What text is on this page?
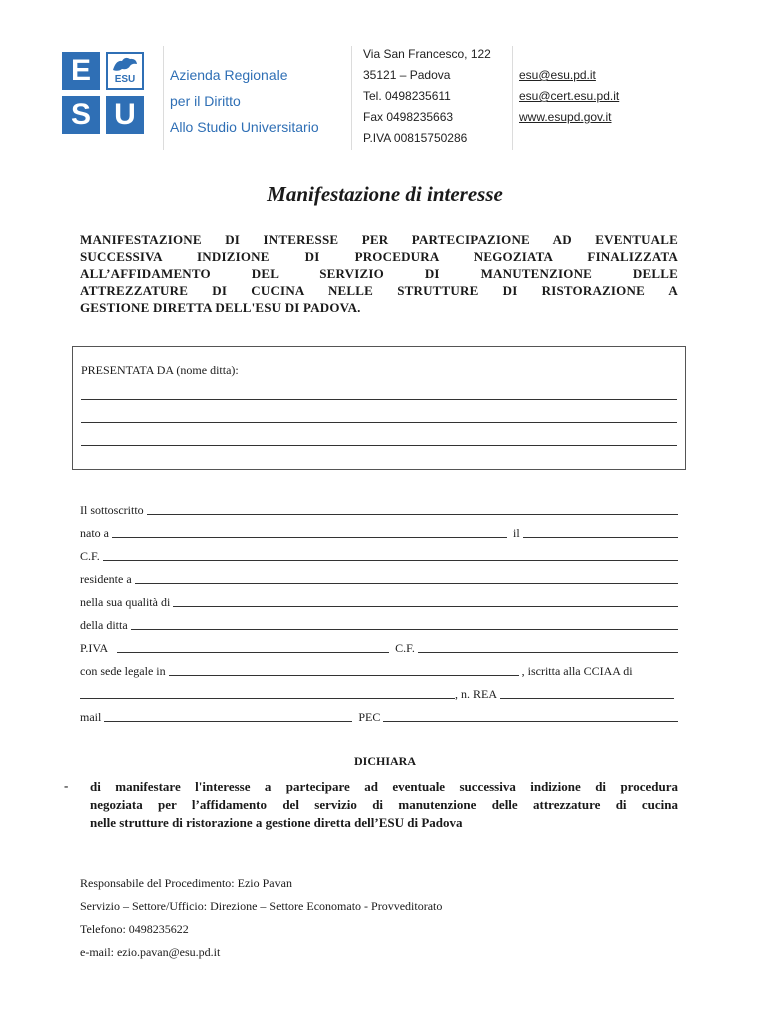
E	ESU
S U
Azienda Regionale
per il Diritto
Allo Studio Universitario
Via San Francesco, 122
35121 – Padova
Tel. 0498235611
Fax 0498235663
P.IVA 00815750286
esu@esu.pd.it
esu@cert.esu.pd.it
www.esupd.gov.it
Manifestazione di interesse
MANIFESTAZIONE DI INTERESSE PER PARTECIPAZIONE AD EVENTUALE
SUCCESSIVA INDIZIONE DI PROCEDURA NEGOZIATA FINALIZZATA
ALL’AFFIDAMENTO DEL SERVIZIO DI MANUTENZIONE DELLE
ATTREZZATURE DI CUCINA NELLE STRUTTURE DI RISTORAZIONE A
GESTIONE DIRETTA DELL'ESU DI PADOVA.
PRESENTATA DA (nome ditta):
Il sottoscritto
nato a	il
C.F.
residente a
nella sua qualità di
della ditta
P.IVA	C.F.
con sede legale in	, iscritta alla CCIAA di
, n. REA
mail	PEC
DICHIARA
- di manifestare l'interesse a partecipare ad eventuale successiva indizione di procedura
negoziata per l’affidamento del servizio di manutenzione delle attrezzature di cucina
nelle strutture di ristorazione a gestione diretta dell’ESU di Padova
Responsabile del Procedimento: Ezio Pavan
Servizio – Settore/Ufficio: Direzione – Settore Economato - Provveditorato
Telefono: 0498235622
e-mail: ezio.pavan@esu.pd.it
